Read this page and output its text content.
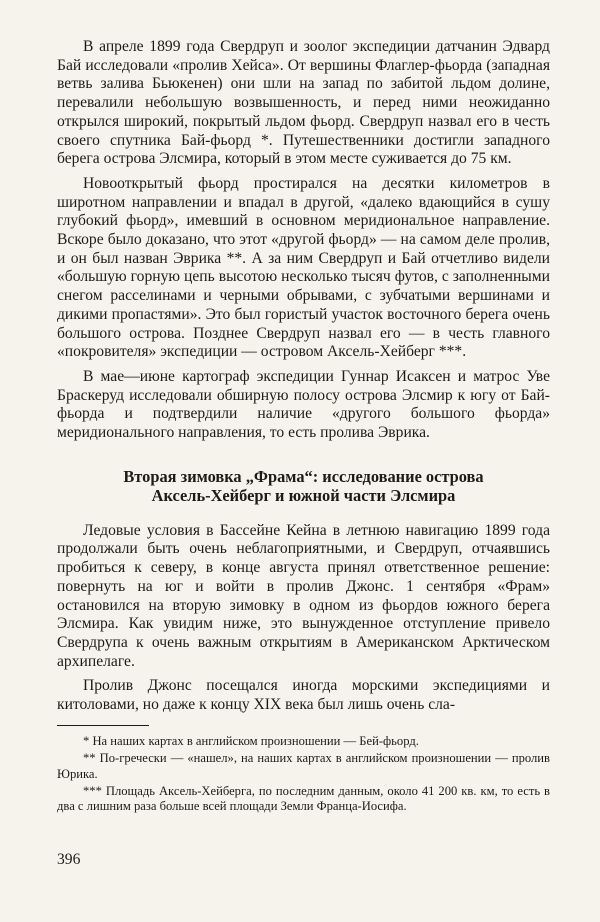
В апреле 1899 года Свердруп и зоолог экспедиции датчанин Эдвард Бай исследовали «пролив Хейса». От вершины Флаглер-фьорда (западная ветвь залива Бьюкенен) они шли на запад по забитой льдом долине, перевалили небольшую возвышенность, и перед ними неожиданно открылся широкий, покрытый льдом фьорд. Свердруп назвал его в честь своего спутника Бай-фьорд *. Путешественники достигли западного берега острова Элсмира, который в этом месте суживается до 75 км.

Новооткрытый фьорд простирался на десятки километров в широтном направлении и впадал в другой, «далеко вдающийся в сушу глубокий фьорд», имевший в основном меридиональное направление. Вскоре было доказано, что этот «другой фьорд» — на самом деле пролив, и он был назван Эврика **. А за ним Свердруп и Бай отчетливо видели «большую горную цепь высотою несколько тысяч футов, с заполненными снегом расселинами и черными обрывами, с зубчатыми вершинами и дикими пропастями». Это был гористый участок восточного берега очень большого острова. Позднее Свердруп назвал его — в честь главного «покровителя» экспедиции — островом Аксель-Хейберг ***.

В мае—июне картограф экспедиции Гуннар Исаксен и матрос Уве Браскеруд исследовали обширную полосу острова Элсмир к югу от Бай-фьорда и подтвердили наличие «другого большого фьорда» меридионального направления, то есть пролива Эврика.

Вторая зимовка „Фрама“: исследование острова
Аксель-Хейберг и южной части Элсмира

Ледовые условия в Бассейне Кейна в летнюю навигацию 1899 года продолжали быть очень неблагоприятными, и Свердруп, отчаявшись пробиться к северу, в конце августа принял ответственное решение: повернуть на юг и войти в пролив Джонс. 1 сентября «Фрам» остановился на вторую зимовку в одном из фьордов южного берега Элсмира. Как увидим ниже, это вынужденное отступление привело Свердрупа к очень важным открытиям в Американском Арктическом архипелаге.

Пролив Джонс посещался иногда морскими экспедициями и китоловами, но даже к концу XIX века был лишь очень сла-

* На наших картах в английском произношении — Бей-фьорд.
** По-гречески — «нашел», на наших картах в английском произношении — пролив Юрика.
*** Площадь Аксель-Хейберга, по последним данным, около 41 200 кв. км, то есть в два с лишним раза больше всей площади Земли Франца-Иосифа.
396
